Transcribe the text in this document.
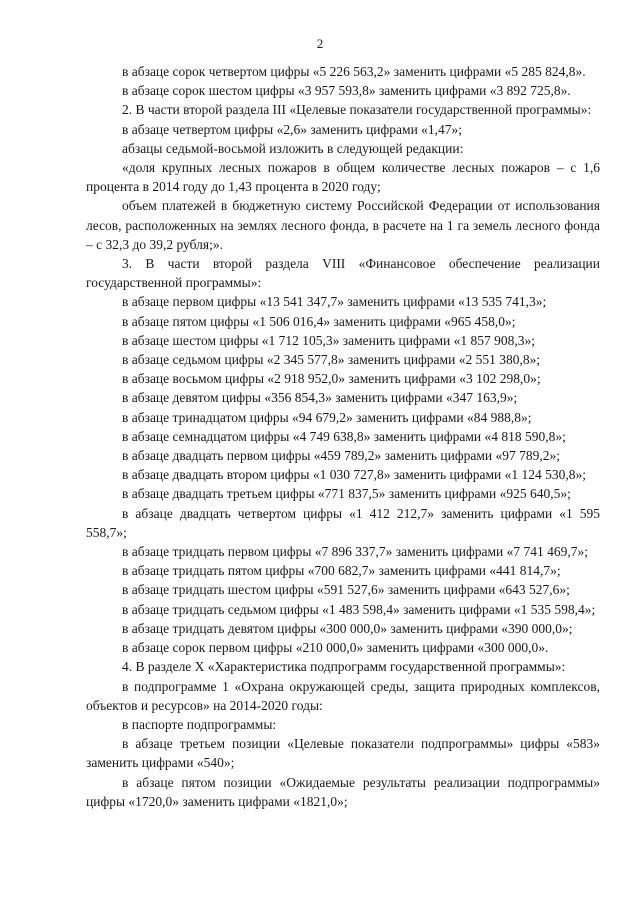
2

в абзаце сорок четвертом цифры «5 226 563,2» заменить цифрами «5 285 824,8».

в абзаце сорок шестом цифры «3 957 593,8» заменить цифрами «3 892 725,8».

2. В части второй раздела III «Целевые показатели государственной программы»:

в абзаце четвертом цифры «2,6» заменить цифрами «1,47»;

абзацы седьмой-восьмой изложить в следующей редакции:

«доля крупных лесных пожаров в общем количестве лесных пожаров – с 1,6 процента в 2014 году до 1,43 процента в 2020 году;

объем платежей в бюджетную систему Российской Федерации от использования лесов, расположенных на землях лесного фонда, в расчете на 1 га земель лесного фонда – с 32,3 до 39,2 рубля;».

3. В части второй раздела VIII «Финансовое обеспечение реализации государственной программы»:

в абзаце первом цифры «13 541 347,7» заменить цифрами «13 535 741,3»;

в абзаце пятом цифры «1 506 016,4» заменить цифрами «965 458,0»;

в абзаце шестом цифры «1 712 105,3» заменить цифрами «1 857 908,3»;

в абзаце седьмом цифры «2 345 577,8» заменить цифрами «2 551 380,8»;

в абзаце восьмом цифры «2 918 952,0» заменить цифрами «3 102 298,0»;

в абзаце девятом цифры «356 854,3» заменить цифрами «347 163,9»;

в абзаце тринадцатом цифры «94 679,2» заменить цифрами «84 988,8»;

в абзаце семнадцатом цифры «4 749 638,8» заменить цифрами «4 818 590,8»;

в абзаце двадцать первом цифры «459 789,2» заменить цифрами «97 789,2»;

в абзаце двадцать втором цифры «1 030 727,8» заменить цифрами «1 124 530,8»;

в абзаце двадцать третьем цифры «771 837,5» заменить цифрами «925 640,5»;

в абзаце двадцать четвертом цифры «1 412 212,7» заменить цифрами «1 595 558,7»;

в абзаце тридцать первом цифры «7 896 337,7» заменить цифрами «7 741 469,7»;

в абзаце тридцать пятом цифры «700 682,7» заменить цифрами «441 814,7»;

в абзаце тридцать шестом цифры «591 527,6» заменить цифрами «643 527,6»;

в абзаце тридцать седьмом цифры «1 483 598,4» заменить цифрами «1 535 598,4»;

в абзаце тридцать девятом цифры «300 000,0» заменить цифрами «390 000,0»;

в абзаце сорок первом цифры «210 000,0» заменить цифрами «300 000,0».

4. В разделе X «Характеристика подпрограмм государственной программы»:

в подпрограмме 1 «Охрана окружающей среды, защита природных комплексов, объектов и ресурсов» на 2014-2020 годы:

в паспорте подпрограммы:

в абзаце третьем позиции «Целевые показатели подпрограммы» цифры «583» заменить цифрами «540»;

в абзаце пятом позиции «Ожидаемые результаты реализации подпрограммы» цифры «1720,0» заменить цифрами «1821,0»;
